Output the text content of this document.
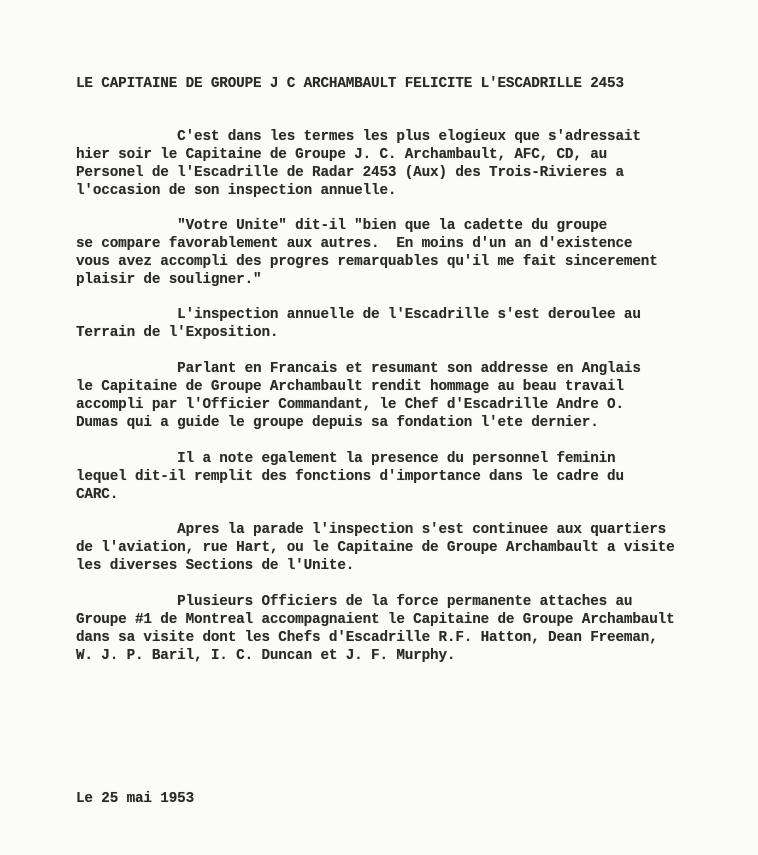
LE CAPITAINE DE GROUPE J C ARCHAMBAULT FELICITE L'ESCADRILLE 2453

C'est dans les termes les plus elogieux que s'adressait

hier soir le Capitaine de Groupe J. C. Archambault, AFC, CD, au

Personel de l'Escadrille de Radar 2453 (Aux) des Trois-Rivieres a

l'occasion de son inspection annuelle.

"Votre Unite" dit-il "bien que la cadette du groupe

se compare favorablement aux autres.  En moins d'un an d'existence

vous avez accompli des progres remarquables qu'il me fait sincerement

plaisir de souligner."

L'inspection annuelle de l'Escadrille s'est deroulee au

Terrain de l'Exposition.

Parlant en Francais et resumant son addresse en Anglais

le Capitaine de Groupe Archambault rendit hommage au beau travail

accompli par l'Officier Commandant, le Chef d'Escadrille Andre O.

Dumas qui a guide le groupe depuis sa fondation l'ete dernier.

Il a note egalement la presence du personnel feminin

lequel dit-il remplit des fonctions d'importance dans le cadre du

CARC.

Apres la parade l'inspection s'est continuee aux quartiers

de l'aviation, rue Hart, ou le Capitaine de Groupe Archambault a visite

les diverses Sections de l'Unite.

Plusieurs Officiers de la force permanente attaches au

Groupe #1 de Montreal accompagnaient le Capitaine de Groupe Archambault

dans sa visite dont les Chefs d'Escadrille R.F. Hatton, Dean Freeman,

W. J. P. Baril, I. C. Duncan et J. F. Murphy.

Le 25 mai 1953
